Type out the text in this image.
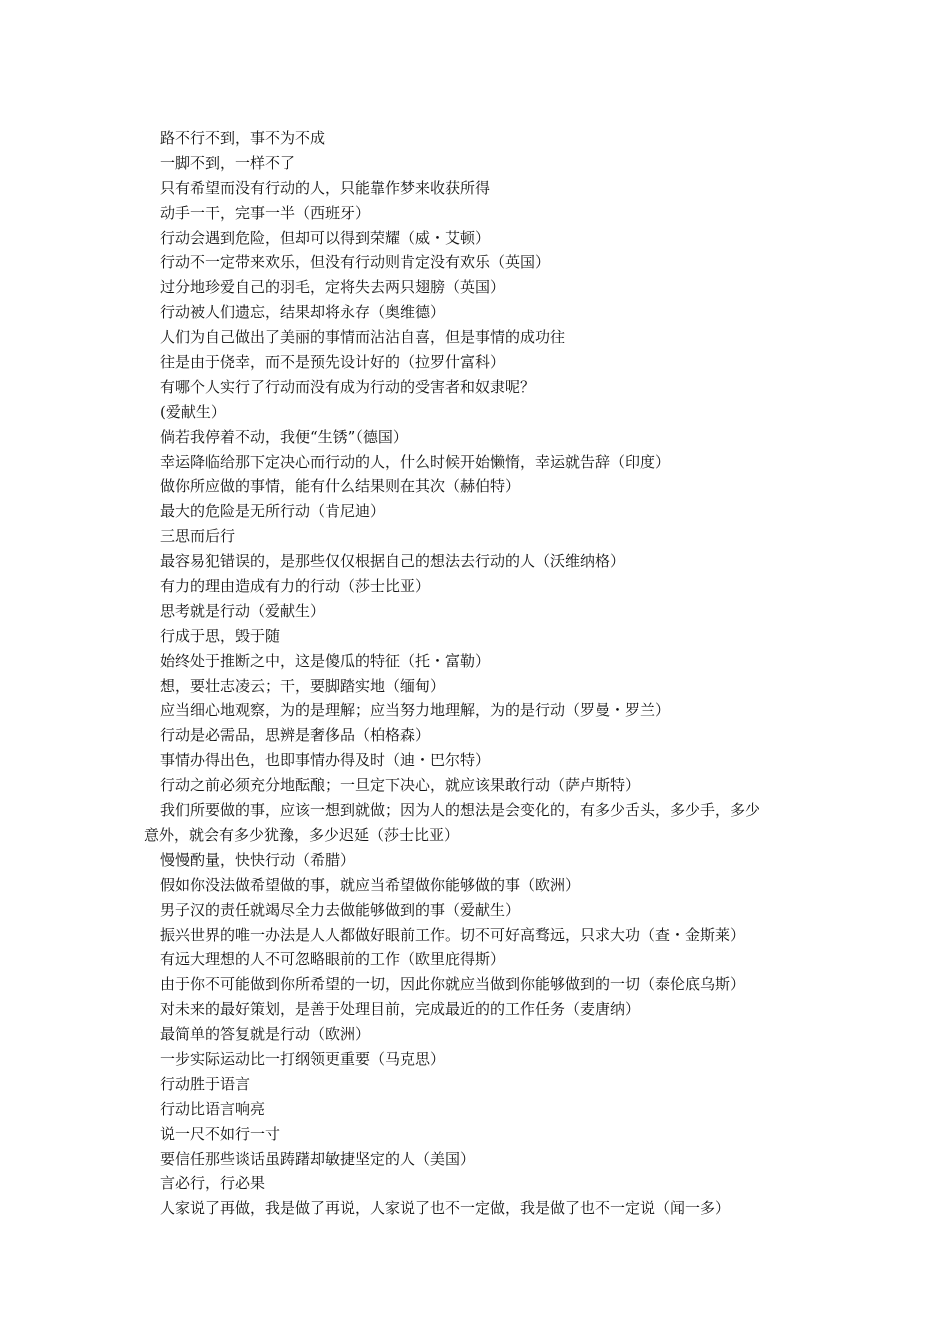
路不行不到，事不为不成
一脚不到，一样不了
只有希望而没有行动的人，只能靠作梦来收获所得
动手一干，完事一半（西班牙）
行动会遇到危险，但却可以得到荣耀（威・艾顿）
行动不一定带来欢乐，但没有行动则肯定没有欢乐（英国）
过分地珍爱自己的羽毛，定将失去两只翅膀（英国）
行动被人们遗忘，结果却将永存（奥维德）
人们为自己做出了美丽的事情而沾沾自喜，但是事情的成功往
往是由于侥幸，而不是预先设计好的（拉罗什富科）
有哪个人实行了行动而没有成为行动的受害者和奴隶呢？
(爱献生）
倘若我停着不动，我便“生锈”（德国）
幸运降临给那下定决心而行动的人，什么时候开始懒惰，幸运就告辞（印度）
做你所应做的事情，能有什么结果则在其次（赫伯特）
最大的危险是无所行动（肯尼迪）
三思而后行
最容易犯错误的，是那些仅仅根据自己的想法去行动的人（沃维纳格）
有力的理由造成有力的行动（莎士比亚）
思考就是行动（爱献生）
行成于思，毁于随
始终处于推断之中，这是傻瓜的特征（托・富勒）
想，要壮志凌云；干，要脚踏实地（缅甸）
应当细心地观察，为的是理解；应当努力地理解，为的是行动（罗曼・罗兰）
行动是必需品，思辨是奢侈品（柏格森）
事情办得出色，也即事情办得及时（迪・巴尔特）
行动之前必须充分地酝酿；一旦定下决心，就应该果敢行动（萨卢斯特）
我们所要做的事，应该一想到就做；因为人的想法是会变化的，有多少舌头，多少手，多少
意外，就会有多少犹豫，多少迟延（莎士比亚）
慢慢酌量，快快行动（希腊）
假如你没法做希望做的事，就应当希望做你能够做的事（欧洲）
男子汉的责任就竭尽全力去做能够做到的事（爱献生）
振兴世界的唯一办法是人人都做好眼前工作。切不可好高骛远，只求大功（查・金斯莱）
有远大理想的人不可忽略眼前的工作（欧里庇得斯）
由于你不可能做到你所希望的一切，因此你就应当做到你能够做到的一切（泰伦底乌斯）
对未来的最好策划，是善于处理目前，完成最近的的工作任务（麦唐纳）
最简单的答复就是行动（欧洲）
一步实际运动比一打纲领更重要（马克思）
行动胜于语言
行动比语言响亮
说一尺不如行一寸
要信任那些谈话虽踌躇却敏捷坚定的人（美国）
言必行，行必果
人家说了再做，我是做了再说，人家说了也不一定做，我是做了也不一定说（闻一多）
